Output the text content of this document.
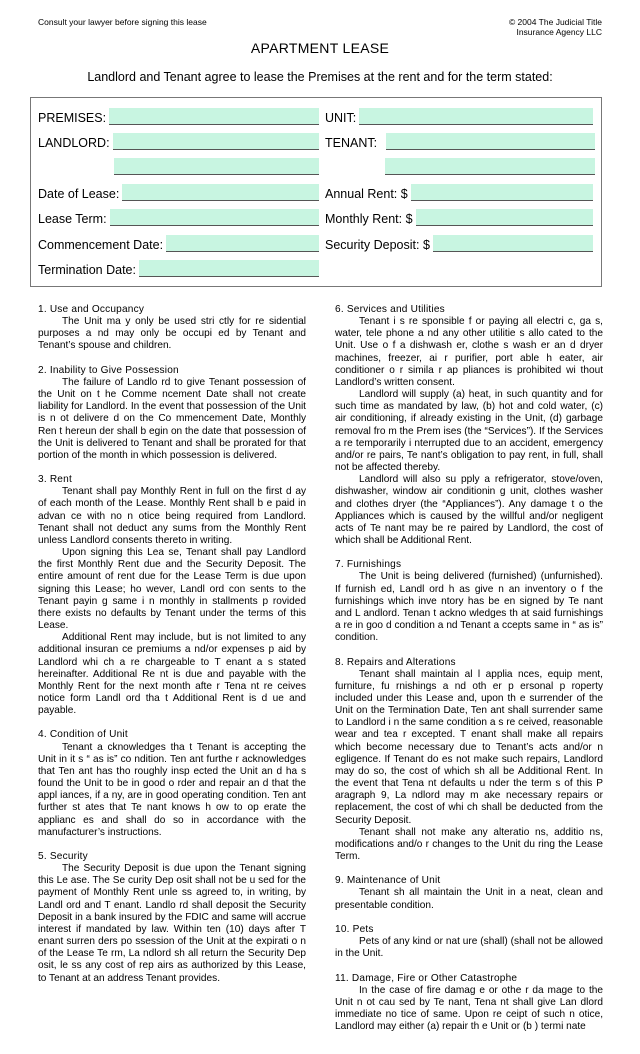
Consult your lawyer before signing this lease	© 2004 The Judicial Title
Insurance Agency LLC
APARTMENT LEASE
Landlord and Tenant agree to lease the Premises at the rent and for the term stated:
PREMISES:	UNIT:
LANDLORD:	TENANT:
Date of Lease:	Annual Rent: $
Lease Term:	Monthly Rent: $
Commencement Date:	Security Deposit: $
Termination Date:
1. Use and Occupancy

The Unit ma y only be used stri ctly for re sidential purposes a nd may only be occupi ed by Tenant and Tenant’s spouse and children.

2. Inability to Give Possession

The failure of Landlo rd to give Tenant possession of the Unit on t he Comme ncement Date shall not create liability for Landlord. In the event that possession of the Unit is n ot delivere d on the Co mmencement Date, Monthly Ren t hereun der shall b egin on the date that possession of the Unit is delivered to Tenant and shall be prorated for that portion of the month in which possession is delivered.

3. Rent

Tenant shall pay Monthly Rent in full on the first d ay of each month of the Lease. Monthly Rent shall b e paid in advan ce with no n otice being required from Landlord. Tenant shall not deduct any sums from the Monthly Rent unless Landlord consents thereto in writing.

Upon signing this Lea se, Tenant shall pay Landlord the first Monthly Rent due and the Security Deposit. The entire amount of rent due for the Lease Term is due upon signing this Lease; ho wever, Landl ord con sents to the Tenant payin g same i n monthly in stallments p rovided there exists no defaults by Tenant under the terms of this Lease.

Additional Rent may include, but is not limited to any additional insuran ce premiums a nd/or expenses p aid by Landlord whi ch a re chargeable to T enant a s stated hereinafter. Additional Re nt is due and payable with the Monthly Rent for the next month afte r Tena nt re ceives notice form Landl ord tha t Additional Rent is d ue and payable.

4. Condition of Unit

Tenant a cknowledges tha t Tenant is accepting the Unit in it s “ as is” co ndition. Ten ant furthe r acknowledges that Ten ant has tho roughly insp ected the Unit an d ha s found the Unit to be in good o rder and repair an d that the appl iances, if a ny, are in good operating condition. Ten ant further st ates that Te nant knows h ow to op erate the applianc es and shall do so in accordance with the manufacturer’s instructions.

5. Security

The Security Deposit is due upon the Tenant signing this Le ase. The Se curity Dep osit shall not be u sed for the payment of Monthly Rent unle ss agreed to, in writing, by Landl ord and T enant. Landlo rd shall deposit the Security Deposit in a bank insured by the FDIC and same will accrue interest if mandated by law. Within ten (10) days after T enant surren ders po ssession of the Unit at the expirati o n of the Lease Te rm, La ndlord sh all return the Security Dep osit, le ss any cost of rep airs as authorized by this Lease, to Tenant at an address Tenant provides.

6. Services and Utilities

Tenant i s re sponsible f or paying all electri c, ga s, water, tele phone a nd any other utilitie s allo cated to the Unit. Use o f a dishwash er, clothe s wash er an d dryer machines, freezer, ai r purifier, port able h eater, air conditioner o r simila r ap pliances is prohibited wi thout Landlord’s written consent.

Landlord will supply (a) heat, in such quantity and for such time as mandated by law, (b) hot and cold water, (c) air conditioning, if already existing in the Unit, (d) garbage removal fro m the Prem ises (the “Services”). If the Services a re temporarily i nterrupted due to an accident, emergency and/or re pairs, Te nant’s obligation to pay rent, in full, shall not be affected thereby.

Landlord will also su pply a refrigerator, stove/oven, dishwasher, window air conditionin g unit, clothes washer and clothes dryer (the “Appliances”). Any damage t o the Appliances which is caused by the willful and/or negligent acts of Te nant may be re paired by Landlord, the cost of which shall be Additional Rent.

7. Furnishings

The Unit is being delivered (furnished) (unfurnished). If furnish ed, Landl ord h as give n an inventory o f the furnishings which inve ntory has be en signed by Te nant and L andlord. Tenan t ackno wledges th at said furnishings a re in goo d condition a nd Tenant a ccepts same in “ as is” condition.

8. Repairs and Alterations

Tenant shall maintain al l applia nces, equip ment, furniture, fu rnishings a nd oth er p ersonal p roperty included under this Lease and, upon th e surrender of the Unit on the Termination Date, Ten ant shall surrender same to Landlord i n the same condition a s re ceived, reasonable wear and tea r excepted. T enant shall make all repairs which become necessary due to Tenant’s acts and/or n egligence. If Tenant do es not make such repairs, Landlord may do so, the cost of which sh all be Additional Rent. In the event that Tena nt defaults u nder the term s of this P aragraph 9, La ndlord may m ake necessary repairs or replacement, the cost of whi ch shall be deducted from the Security Deposit.

Tenant shall not make any alteratio ns, additio ns, modifications and/o r changes to the Unit du ring the Lease Term.

9. Maintenance of Unit

Tenant sh all maintain the Unit in a neat, clean and presentable condition.

10. Pets

Pets of any kind or nat ure (shall) (shall not be allowed in the Unit.

11. Damage, Fire or Other Catastrophe

In the case of fire damag e or othe r da mage to the Unit n ot cau sed by Te nant, Tena nt shall give Lan dlord immediate no tice of same. Upon re ceipt of such n otice, Landlord may either (a) repair th e Unit or (b ) termi nate
